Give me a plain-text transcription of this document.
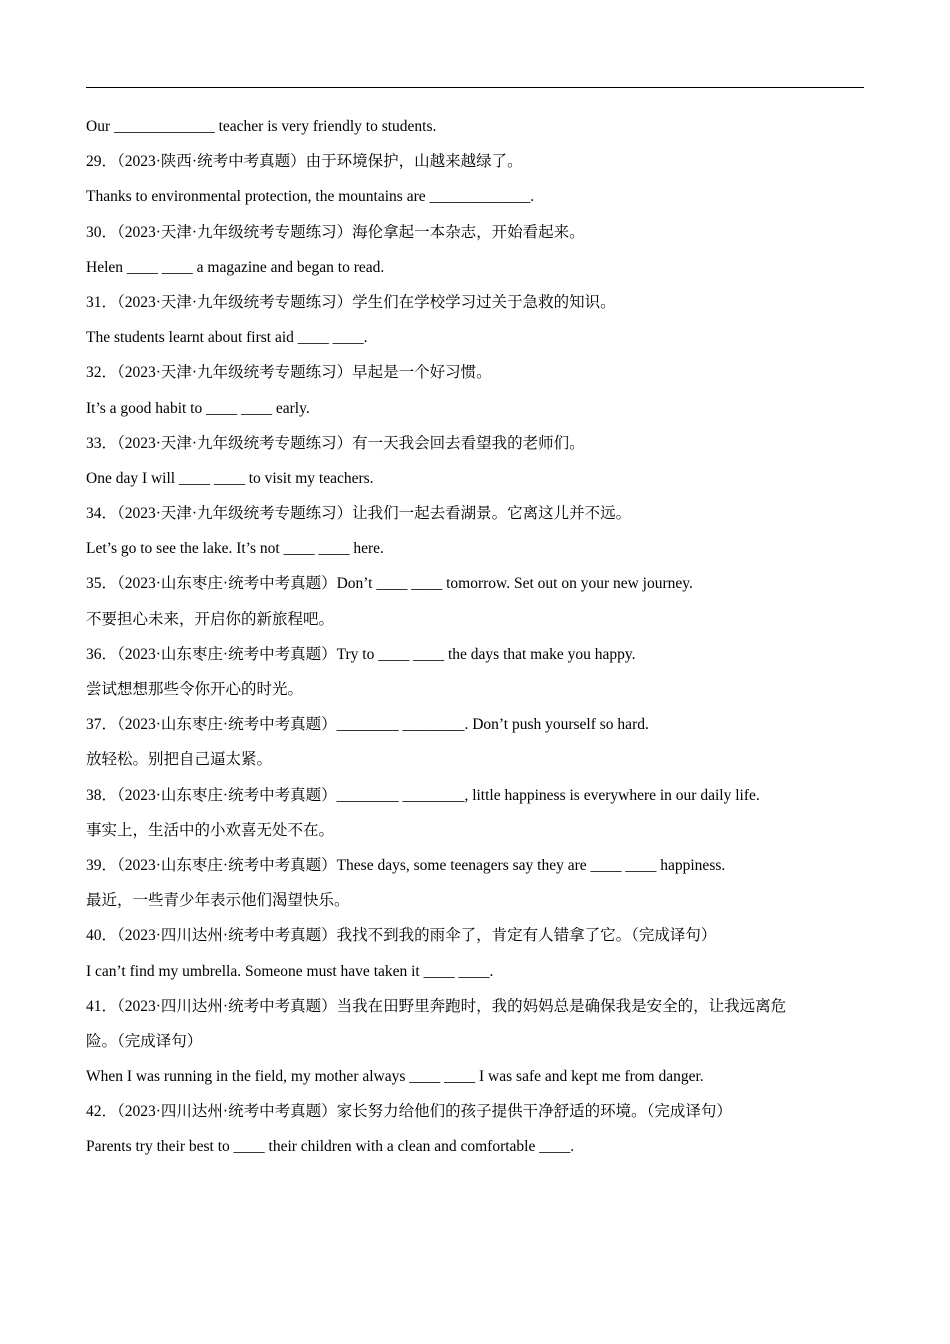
Our _____________ teacher is very friendly to students.
29．（2023·陕西·统考中考真题）由于环境保护，山越来越绿了。
Thanks to environmental protection, the mountains are _____________.
30．（2023·天津·九年级统考专题练习）海伦拿起一本杂志，开始看起来。
Helen ____ ____ a magazine and began to read.
31．（2023·天津·九年级统考专题练习）学生们在学校学习过关于急救的知识。
The students learnt about first aid ____ ____.
32．（2023·天津·九年级统考专题练习）早起是一个好习惯。
It’s a good habit to ____ ____ early.
33．（2023·天津·九年级统考专题练习）有一天我会回去看望我的老师们。
One day I will ____ ____ to visit my teachers.
34．（2023·天津·九年级统考专题练习）让我们一起去看湖景。它离这儿并不远。
Let’s go to see the lake. It’s not ____ ____ here.
35．（2023·山东枣庄·统考中考真题）Don’t ____ ____ tomorrow. Set out on your new journey.
不要担心未来，开启你的新旅程吧。
36．（2023·山东枣庄·统考中考真题）Try to ____ ____ the days that make you happy.
尝试想想那些令你开心的时光。
37．（2023·山东枣庄·统考中考真题）________ ________. Don’t push yourself so hard.
放轻松。别把自己逼太紧。
38．（2023·山东枣庄·统考中考真题）________ ________, little happiness is everywhere in our daily life.
事实上，生活中的小欢喜无处不在。
39．（2023·山东枣庄·统考中考真题）These days, some teenagers say they are ____ ____ happiness.
最近，一些青少年表示他们渴望快乐。
40．（2023·四川达州·统考中考真题）我找不到我的雨伞了，肯定有人错拿了它。（完成译句）
I can’t find my umbrella. Someone must have taken it ____ ____.
41．（2023·四川达州·统考中考真题）当我在田野里奔跑时，我的妈妈总是确保我是安全的，让我远离危
险。（完成译句）
When I was running in the field, my mother always ____ ____ I was safe and kept me from danger.
42．（2023·四川达州·统考中考真题）家长努力给他们的孩子提供干净舒适的环境。（完成译句）
Parents try their best to ____ their children with a clean and comfortable ____.
